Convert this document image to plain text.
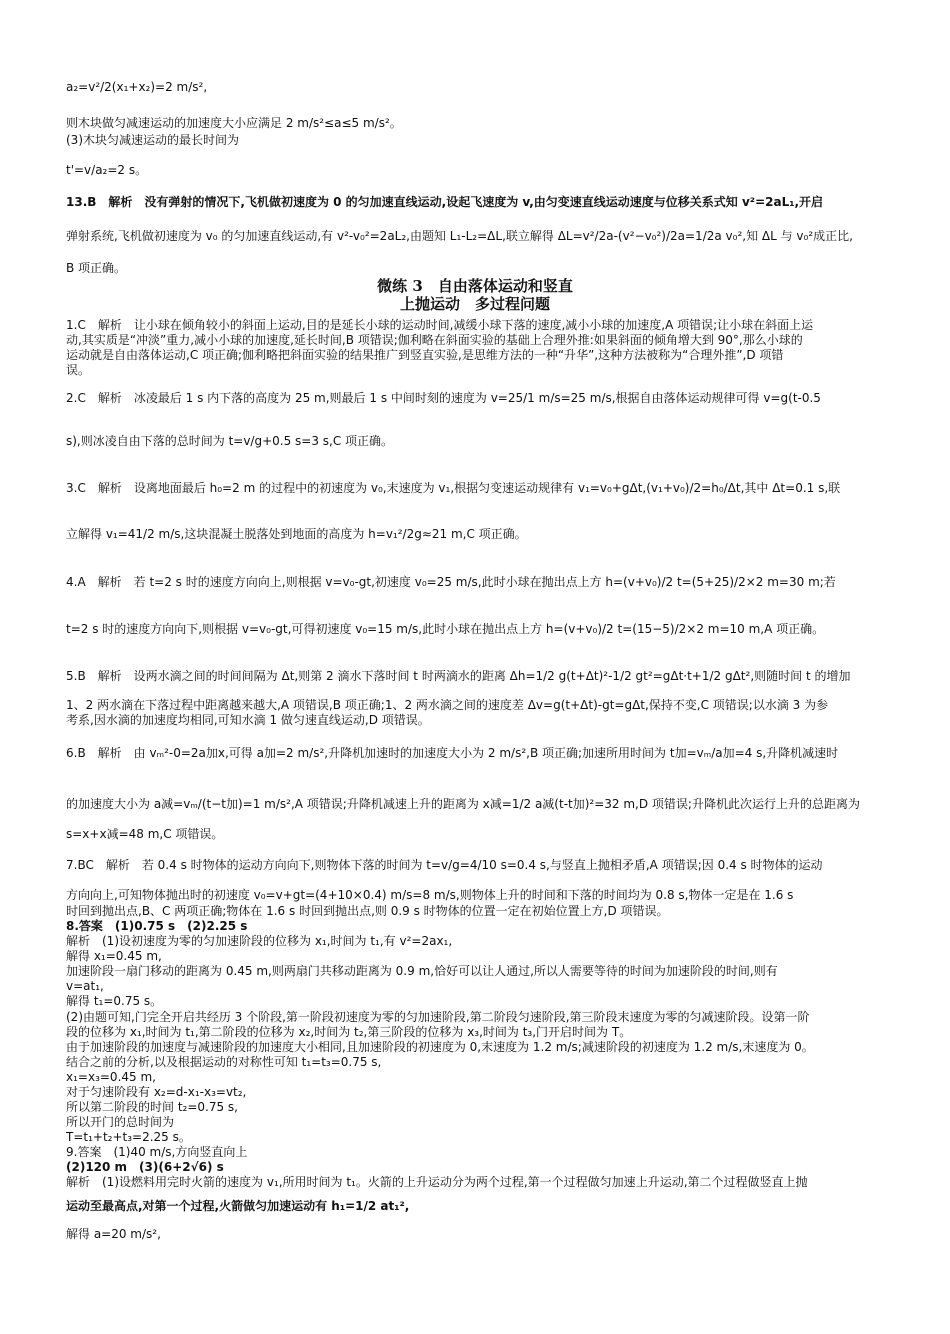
a₂=v²/2(x₁+x₂)=2 m/s²,
则木块做匀减速运动的加速度大小应满足 2 m/s²≤a≤5 m/s²。
(3)木块匀减速运动的最长时间为
t'=v/a₂=2 s。
13.B　解析　没有弹射的情况下,飞机做初速度为 0 的匀加速直线运动,设起飞速度为 v,由匀变速直线运动速度与位移关系式知 v²=2aL₁,开启
弹射系统,飞机做初速度为 v₀ 的匀加速直线运动,有 v²-v₀²=2aL₂,由题知 L₁-L₂=ΔL,联立解得 ΔL=v²/2a-(v²−v₀²)/2a=1/2a v₀²,知 ΔL 与 v₀²成正比,
B 项正确。
微练 3　自由落体运动和竖直
上抛运动　多过程问题
1.C　解析　让小球在倾角较小的斜面上运动,目的是延长小球的运动时间,减缓小球下落的速度,减小小球的加速度,A 项错误;让小球在斜面上运
动,其实质是“冲淡”重力,减小小球的加速度,延长时间,B 项错误;伽利略在斜面实验的基础上合理外推:如果斜面的倾角增大到 90°,那么小球的
运动就是自由落体运动,C 项正确;伽利略把斜面实验的结果推广到竖直实验,是思维方法的一种“升华”,这种方法被称为“合理外推”,D 项错
误。
2.C　解析　冰凌最后 1 s 内下落的高度为 25 m,则最后 1 s 中间时刻的速度为 v=25/1 m/s=25 m/s,根据自由落体运动规律可得 v=g(t-0.5
s),则冰凌自由下落的总时间为 t=v/g+0.5 s=3 s,C 项正确。
3.C　解析　设离地面最后 h₀=2 m 的过程中的初速度为 v₀,末速度为 v₁,根据匀变速运动规律有 v₁=v₀+gΔt,(v₁+v₀)/2=h₀/Δt,其中 Δt=0.1 s,联
立解得 v₁=41/2 m/s,这块混凝土脱落处到地面的高度为 h=v₁²/2g≈21 m,C 项正确。
4.A　解析　若 t=2 s 时的速度方向向上,则根据 v=v₀-gt,初速度 v₀=25 m/s,此时小球在抛出点上方 h=(v+v₀)/2 t=(5+25)/2×2 m=30 m;若
t=2 s 时的速度方向向下,则根据 v=v₀-gt,可得初速度 v₀=15 m/s,此时小球在抛出点上方 h=(v+v₀)/2 t=(15−5)/2×2 m=10 m,A 项正确。
5.B　解析　设两水滴之间的时间间隔为 Δt,则第 2 滴水下落时间 t 时两滴水的距离 Δh=1/2 g(t+Δt)²-1/2 gt²=gΔt·t+1/2 gΔt²,则随时间 t 的增加
1、2 两水滴在下落过程中距离越来越大,A 项错误,B 项正确;1、2 两水滴之间的速度差 Δv=g(t+Δt)-gt=gΔt,保持不变,C 项错误;以水滴 3 为参
考系,因水滴的加速度均相同,可知水滴 1 做匀速直线运动,D 项错误。
6.B　解析　由 vₘ²-0=2a加x,可得 a加=2 m/s²,升降机加速时的加速度大小为 2 m/s²,B 项正确;加速所用时间为 t加=vₘ/a加=4 s,升降机减速时
的加速度大小为 a减=vₘ/(t−t加)=1 m/s²,A 项错误;升降机减速上升的距离为 x减=1/2 a减(t-t加)²=32 m,D 项错误;升降机此次运行上升的总距离为
s=x+x减=48 m,C 项错误。
7.BC　解析　若 0.4 s 时物体的运动方向向下,则物体下落的时间为 t=v/g=4/10 s=0.4 s,与竖直上抛相矛盾,A 项错误;因 0.4 s 时物体的运动
方向向上,可知物体抛出时的初速度 v₀=v+gt=(4+10×0.4) m/s=8 m/s,则物体上升的时间和下落的时间均为 0.8 s,物体一定是在 1.6 s
时回到抛出点,B、C 两项正确;物体在 1.6 s 时回到抛出点,则 0.9 s 时物体的位置一定在初始位置上方,D 项错误。
8.答案　(1)0.75 s　(2)2.25 s
解析　(1)设初速度为零的匀加速阶段的位移为 x₁,时间为 t₁,有 v²=2ax₁,
解得 x₁=0.45 m,
加速阶段一扇门移动的距离为 0.45 m,则两扇门共移动距离为 0.9 m,恰好可以让人通过,所以人需要等待的时间为加速阶段的时间,则有
v=at₁,
解得 t₁=0.75 s。
(2)由题可知,门完全开启共经历 3 个阶段,第一阶段初速度为零的匀加速阶段,第二阶段匀速阶段,第三阶段末速度为零的匀减速阶段。设第一阶
段的位移为 x₁,时间为 t₁,第二阶段的位移为 x₂,时间为 t₂,第三阶段的位移为 x₃,时间为 t₃,门开启时间为 T。
由于加速阶段的加速度与减速阶段的加速度大小相同,且加速阶段的初速度为 0,末速度为 1.2 m/s;减速阶段的初速度为 1.2 m/s,末速度为 0。
结合之前的分析,以及根据运动的对称性可知 t₁=t₃=0.75 s,
x₁=x₃=0.45 m,
对于匀速阶段有 x₂=d-x₁-x₃=vt₂,
所以第二阶段的时间 t₂=0.75 s,
所以开门的总时间为
T=t₁+t₂+t₃=2.25 s。
9.答案　(1)40 m/s,方向竖直向上
(2)120 m　(3)(6+2√6) s
解析　(1)设燃料用完时火箭的速度为 v₁,所用时间为 t₁。火箭的上升运动分为两个过程,第一个过程做匀加速上升运动,第二个过程做竖直上抛
运动至最高点,对第一个过程,火箭做匀加速运动有 h₁=1/2 at₁²,
解得 a=20 m/s²,
